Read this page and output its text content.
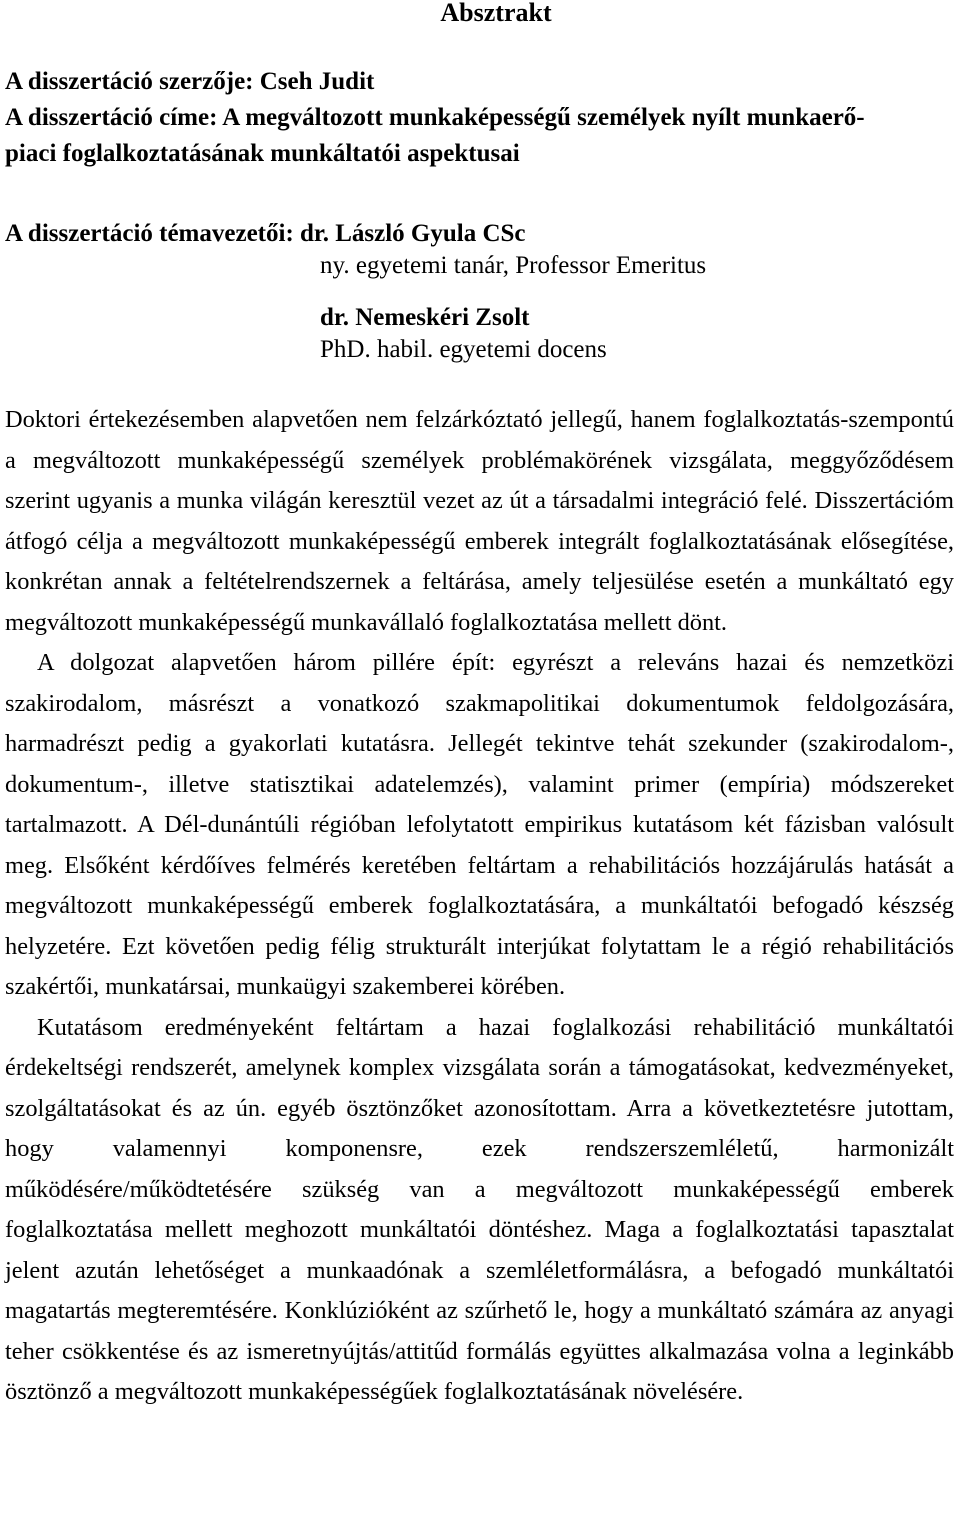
Absztrakt
A disszertáció szerzője: Cseh Judit
A disszertáció címe: A megváltozott munkaképességű személyek nyílt munkaerő-
piaci foglalkoztatásának munkáltatói aspektusai
A disszertáció témavezetői: dr. László Gyula CSc
ny. egyetemi tanár, Professor Emeritus
dr. Nemeskéri Zsolt
PhD. habil. egyetemi docens

Doktori értekezésemben alapvetően nem felzárkóztató jellegű, hanem foglalkoztatás-szempontú a megváltozott munkaképességű személyek problémakörének vizsgálata, meggyőződésem szerint ugyanis a munka világán keresztül vezet az út a társadalmi integráció felé. Disszertációm átfogó célja a megváltozott munkaképességű emberek integrált foglalkoztatásának elősegítése, konkrétan annak a feltételrendszernek a feltárása, amely teljesülése esetén a munkáltató egy megváltozott munkaképességű munkavállaló foglalkoztatása mellett dönt.

A dolgozat alapvetően három pillére épít: egyrészt a releváns hazai és nemzetközi szakirodalom, másrészt a vonatkozó szakmapolitikai dokumentumok feldolgozására, harmadrészt pedig a gyakorlati kutatásra. Jellegét tekintve tehát szekunder (szakirodalom-, dokumentum-, illetve statisztikai adatelemzés), valamint primer (empíria) módszereket tartalmazott. A Dél-dunántúli régióban lefolytatott empirikus kutatásom két fázisban valósult meg. Elsőként kérdőíves felmérés keretében feltártam a rehabilitációs hozzájárulás hatását a megváltozott munkaképességű emberek foglalkoztatására, a munkáltatói befogadó készség helyzetére. Ezt követően pedig félig strukturált interjúkat folytattam le a régió rehabilitációs szakértői, munkatársai, munkaügyi szakemberei körében.

Kutatásom eredményeként feltártam a hazai foglalkozási rehabilitáció munkáltatói érdekeltségi rendszerét, amelynek komplex vizsgálata során a támogatásokat, kedvezményeket, szolgáltatásokat és az ún. egyéb ösztönzőket azonosítottam. Arra a következtetésre jutottam, hogy valamennyi komponensre, ezek rendszerszemléletű, harmonizált működésére/működtetésére szükség van a megváltozott munkaképességű emberek foglalkoztatása mellett meghozott munkáltatói döntéshez. Maga a foglalkoztatási tapasztalat jelent azután lehetőséget a munkaadónak a szemléletformálásra, a befogadó munkáltatói magatartás megteremtésére. Konklúzióként az szűrhető le, hogy a munkáltató számára az anyagi teher csökkentése és az ismeretnyújtás/attitűd formálás együttes alkalmazása volna a leginkább ösztönző a megváltozott munkaképességűek foglalkoztatásának növelésére.
